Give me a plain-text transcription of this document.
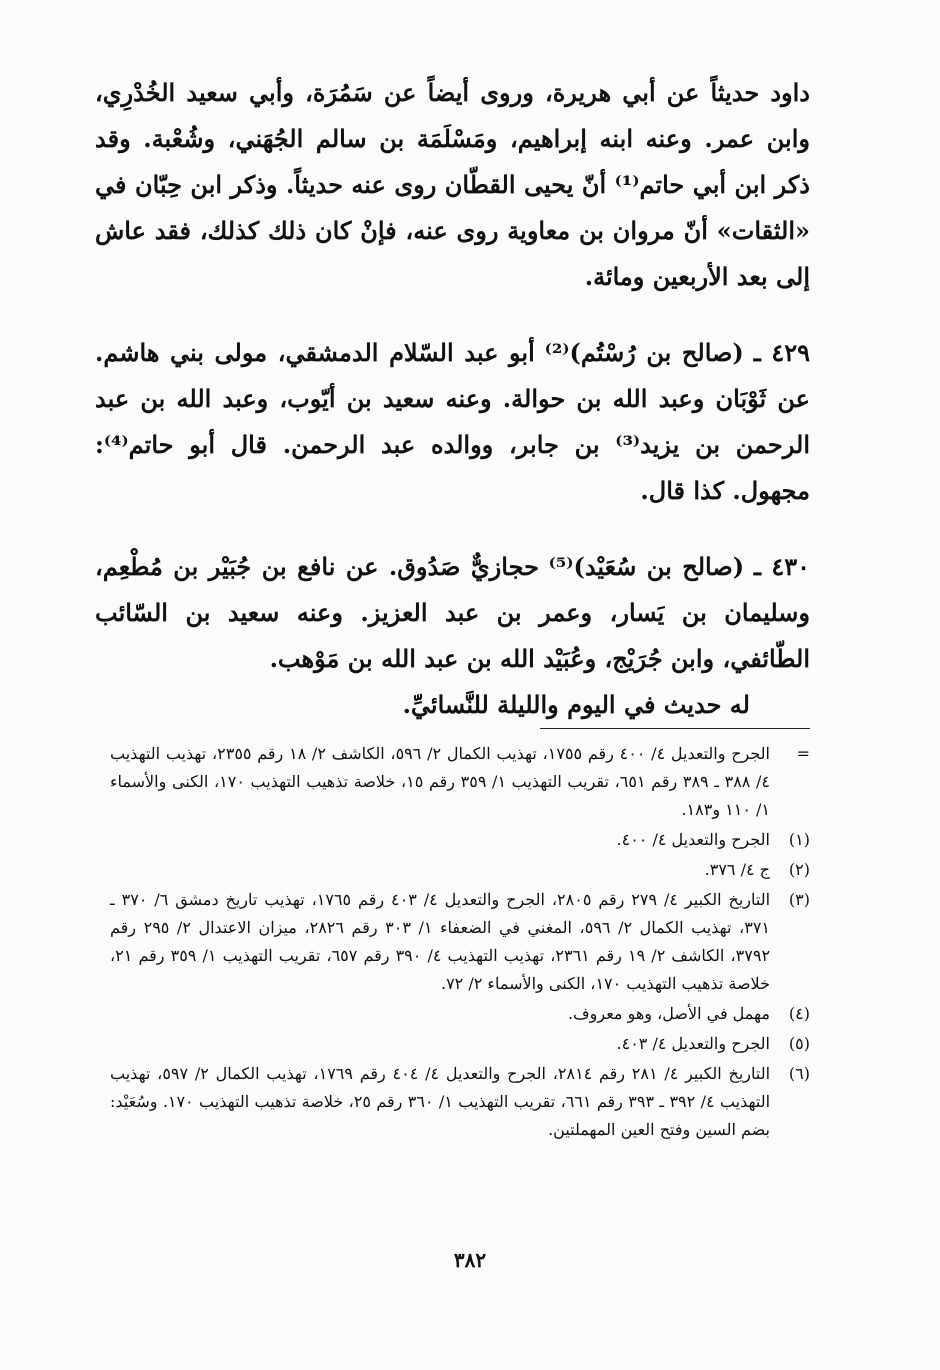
داود حديثاً عن أبي هريرة، وروى أيضاً عن سَمُرَة، وأبي سعيد الخُدْرِي، وابن عمر. وعنه ابنه إبراهيم، ومَسْلَمَة بن سالم الجُهَني، وشُعْبة. وقد ذكر ابن أبي حاتم⁽¹⁾ أنّ يحيى القطّان روى عنه حديثاً. وذكر ابن حِبّان في «الثقات» أنّ مروان بن معاوية روى عنه، فإنْ كان ذلك كذلك، فقد عاش إلى بعد الأربعين ومائة.

٤٢٩ ـ (صالح بن رُسْتُم)⁽²⁾ أبو عبد السّلام الدمشقي، مولى بني هاشم. عن ثَوْبَان وعبد الله بن حوالة. وعنه سعيد بن أيّوب، وعبد الله بن عبد الرحمن بن يزيد⁽³⁾ بن جابر، ووالده عبد الرحمن. قال أبو حاتم⁽⁴⁾: مجهول. كذا قال.

٤٣٠ ـ (صالح بن سُعَيْد)⁽⁵⁾ حجازيٌّ صَدُوق. عن نافع بن جُبَيْر بن مُطْعِم، وسليمان بن يَسار، وعمر بن عبد العزيز. وعنه سعيد بن السّائب الطّائفي، وابن جُرَيْج، وعُبَيْد الله بن عبد الله بن مَوْهب.
له حديث في اليوم والليلة للنَّسائيِّ.

=
الجرح والتعديل ٤/ ٤٠٠ رقم ١٧٥٥، تهذيب الكمال ٢/ ٥٩٦، الكاشف ٢/ ١٨ رقم ٢٣٥٥، تهذيب التهذيب ٤/ ٣٨٨ ـ ٣٨٩ رقم ٦٥١، تقريب التهذيب ١/ ٣٥٩ رقم ١٥، خلاصة تذهيب التهذيب ١٧٠، الكنى والأسماء ١/ ١١٠ و١٨٣.
(١)
الجرح والتعديل ٤/ ٤٠٠.
(٢)
ج ٤/ ٣٧٦.
(٣)
التاريخ الكبير ٤/ ٢٧٩ رقم ٢٨٠٥، الجرح والتعديل ٤/ ٤٠٣ رقم ١٧٦٥، تهذيب تاريخ دمشق ٦/ ٣٧٠ ـ ٣٧١، تهذيب الكمال ٢/ ٥٩٦، المغني في الضعفاء ١/ ٣٠٣ رقم ٢٨٢٦، ميزان الاعتدال ٢/ ٢٩٥ رقم ٣٧٩٢، الكاشف ٢/ ١٩ رقم ٢٣٦١، تهذيب التهذيب ٤/ ٣٩٠ رقم ٦٥٧، تقريب التهذيب ١/ ٣٥٩ رقم ٢١، خلاصة تذهيب التهذيب ١٧٠، الكنى والأسماء ٢/ ٧٢.
(٤)
مهمل في الأصل، وهو معروف.
(٥)
الجرح والتعديل ٤/ ٤٠٣.
(٦)
التاريخ الكبير ٤/ ٢٨١ رقم ٢٨١٤، الجرح والتعديل ٤/ ٤٠٤ رقم ١٧٦٩، تهذيب الكمال ٢/ ٥٩٧، تهذيب التهذيب ٤/ ٣٩٢ ـ ٣٩٣ رقم ٦٦١، تقريب التهذيب ١/ ٣٦٠ رقم ٢٥، خلاصة تذهيب التهذيب ١٧٠. وسُعَيْد: بضم السين وفتح العين المهملتين.
٣٨٢
